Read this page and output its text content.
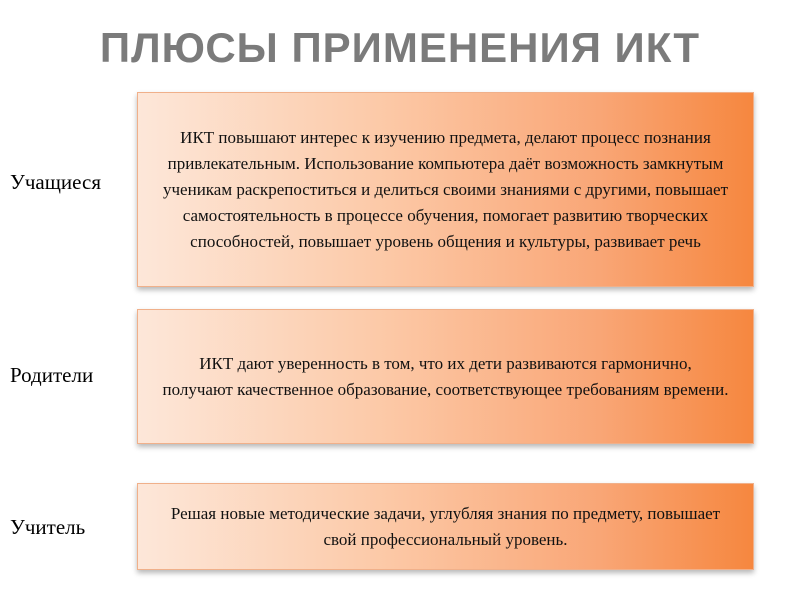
ПЛЮСЫ ПРИМЕНЕНИЯ ИКТ
Учащиеся
ИКТ повышают интерес к изучению предмета, делают процесс познания привлекательным. Использование компьютера даёт возможность замкнутым ученикам раскрепоститься и делиться своими знаниями с другими, повышает самостоятельность в процессе обучения, помогает развитию творческих способностей, повышает уровень общения и культуры, развивает речь
Родители	ИКТ дают уверенность в том, что их дети развиваются гармонично, получают качественное образование, соответствующее требованиям времени.
Учитель
Решая новые методические задачи, углубляя знания по предмету, повышает свой профессиональный уровень.
